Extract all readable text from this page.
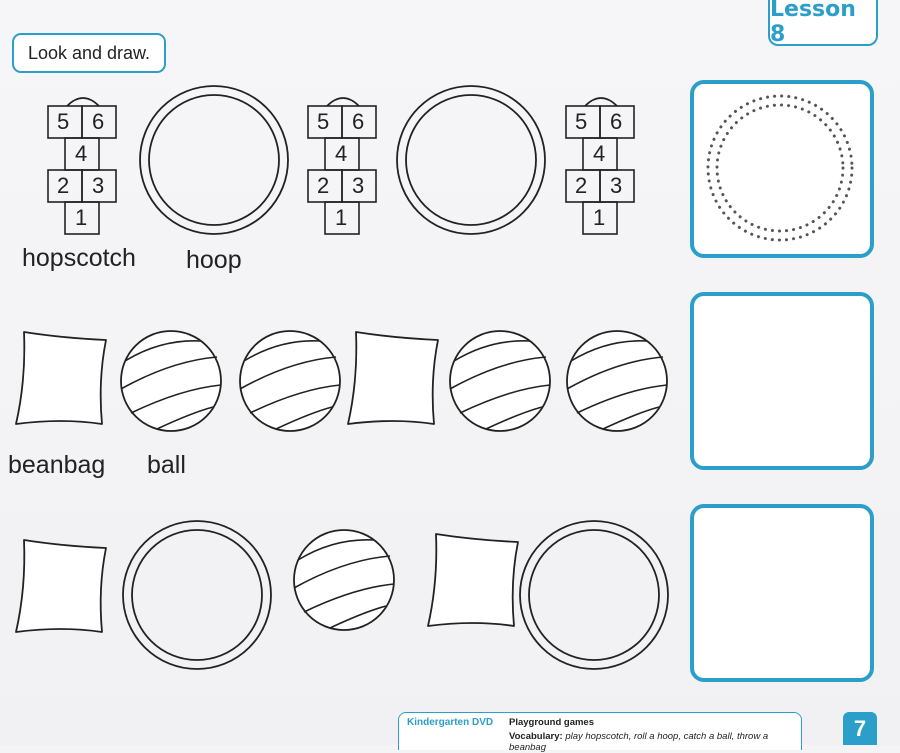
Lesson 8
Look and draw.
5 6
4
2 3
1
5 6
4
2 3
1
5 6
4
2 3
1
hopscotch hoop
beanbag ball
Kindergarten DVD Playground games
Vocabulary: play hopscotch, roll a hoop, catch a ball, throw a beanbag
7
